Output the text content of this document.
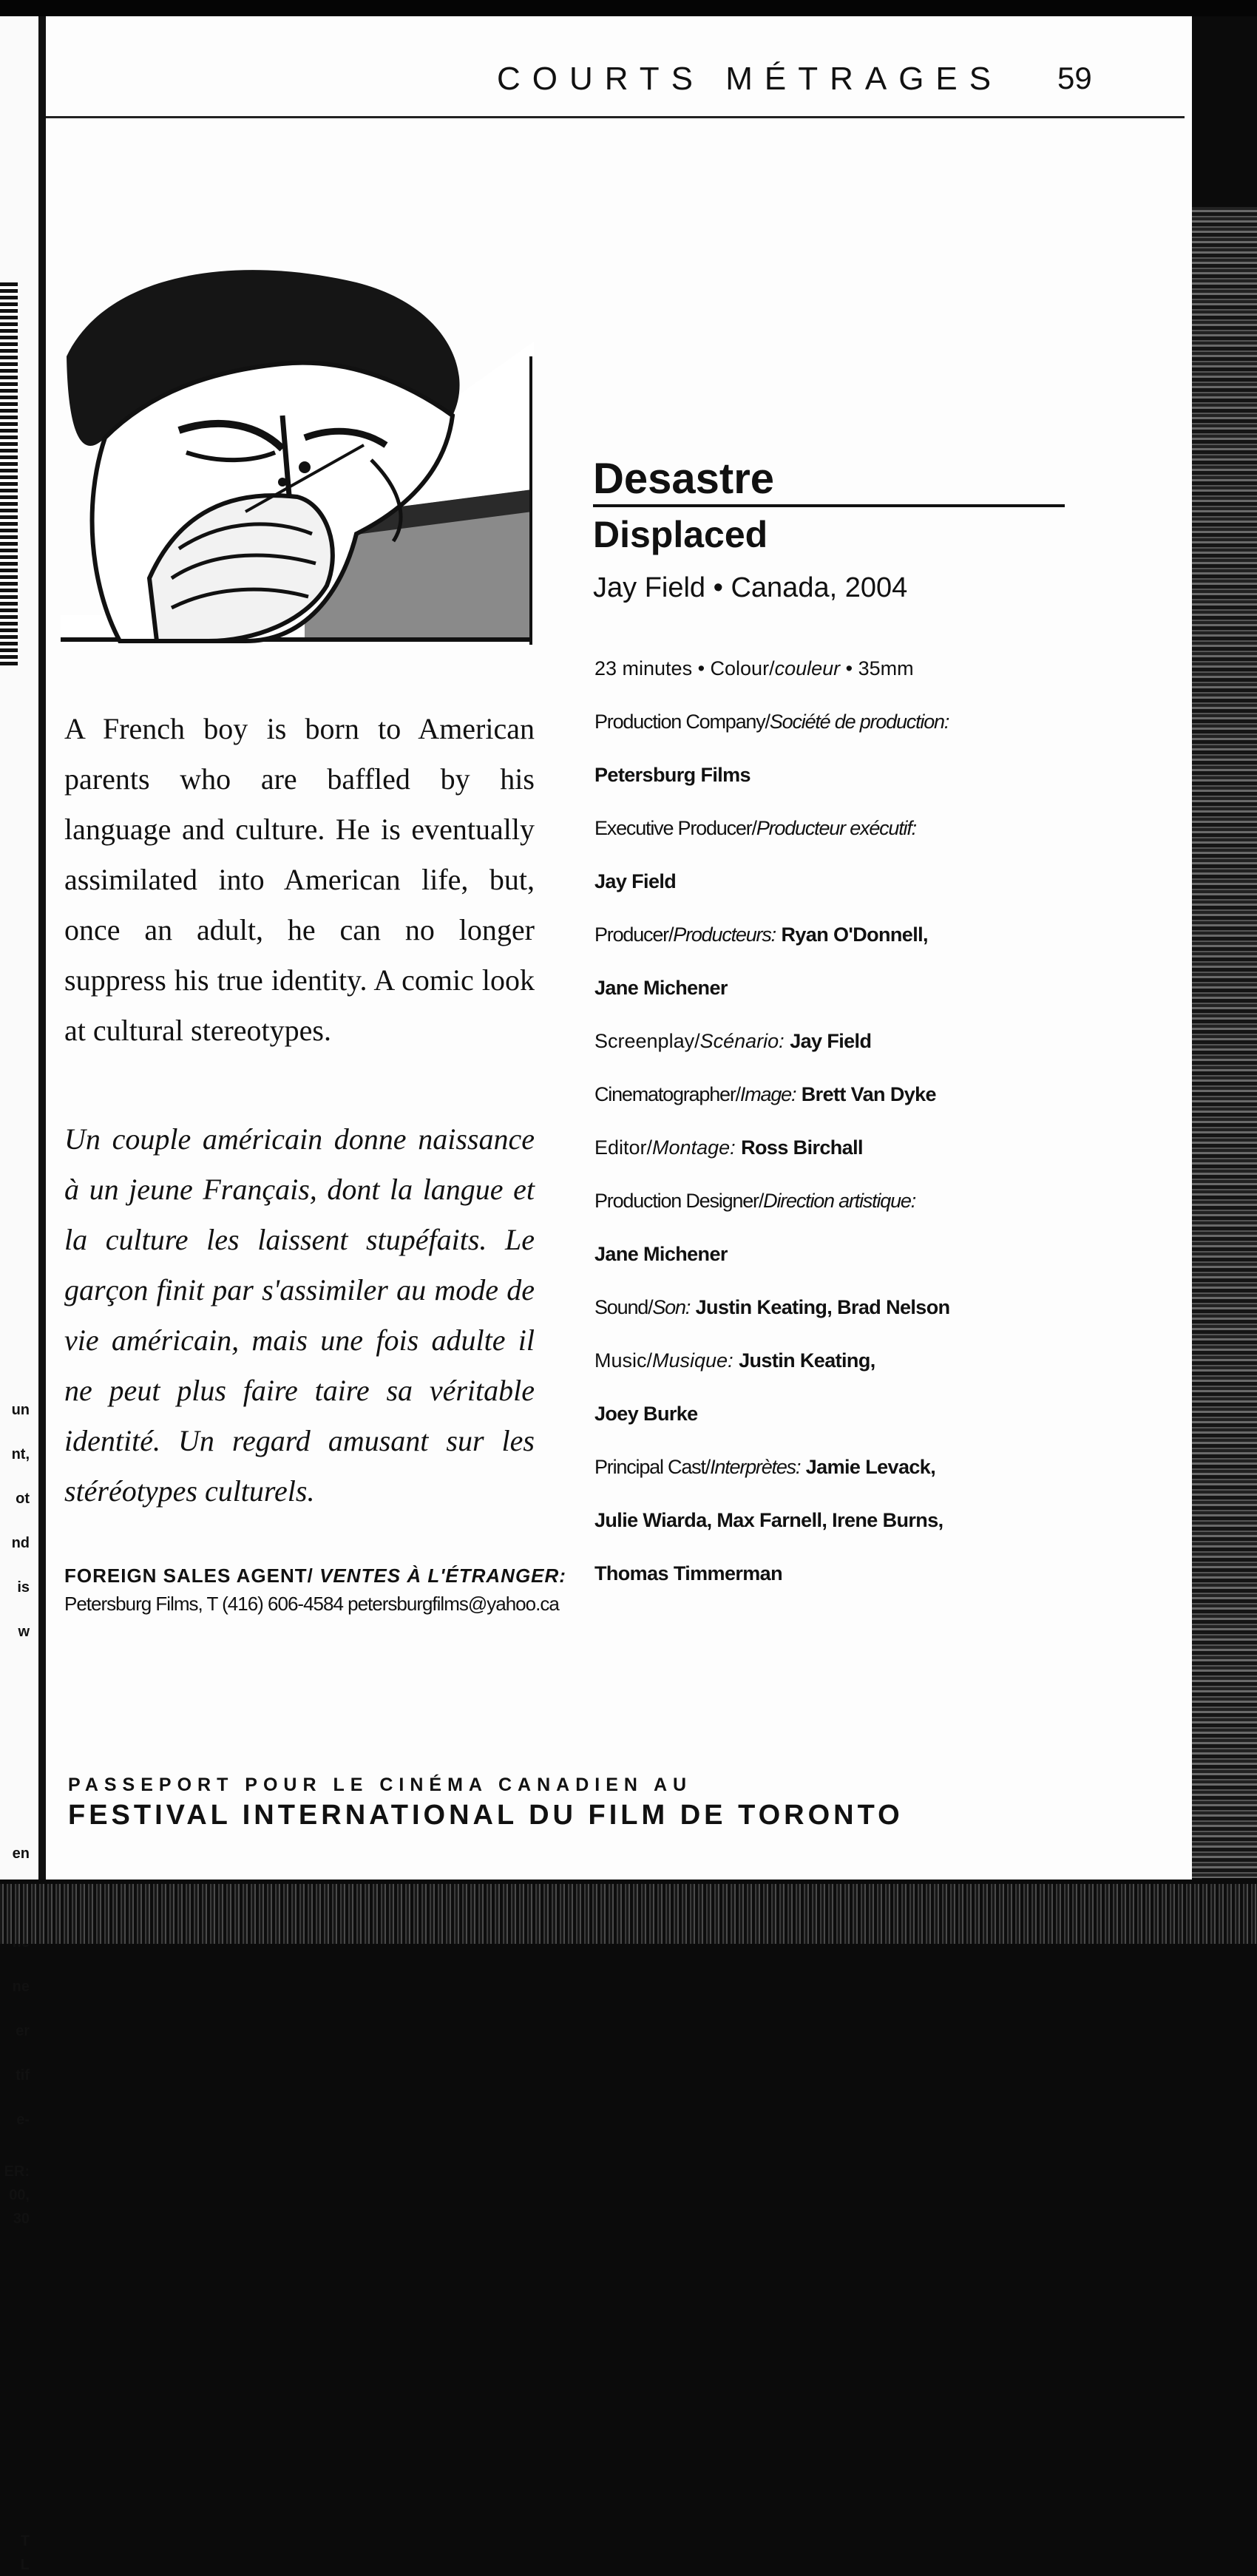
un
nt,
ot
nd
is
w
en
ne
er
tif
e-
ER:
00,
30
T
L
COURTS MÉTRAGES 59

A French boy is born to American parents who are baffled by his language and culture. He is eventually assimilated into American life, but, once an adult, he can no longer suppress his true identity. A comic look at cultural stereotypes.

Un couple américain donne naissance à un jeune Français, dont la langue et la culture les laissent stupéfaits. Le garçon finit par s'assimiler au mode de vie américain, mais une fois adulte il ne peut plus faire taire sa véritable identité. Un regard amusant sur les stéréotypes culturels.

FOREIGN SALES AGENT/ VENTES À L'ÉTRANGER:
Petersburg Films, T (416) 606-4584 petersburgfilms@yahoo.ca
Desastre
Displaced
Jay Field • Canada, 2004
23 minutes • Colour/couleur • 35mm
Production Company/Société de production:
Petersburg Films
Executive Producer/Producteur exécutif:
Jay Field
Producer/Producteurs: Ryan O'Donnell,
Jane Michener
Screenplay/Scénario: Jay Field
Cinematographer/Image: Brett Van Dyke
Editor/Montage: Ross Birchall
Production Designer/Direction artistique:
Jane Michener
Sound/Son: Justin Keating, Brad Nelson
Music/Musique: Justin Keating,
Joey Burke
Principal Cast/Interprètes: Jamie Levack,
Julie Wiarda, Max Farnell, Irene Burns,
Thomas Timmerman
PASSEPORT POUR LE CINÉMA CANADIEN AU
FESTIVAL INTERNATIONAL DU FILM DE TORONTO
